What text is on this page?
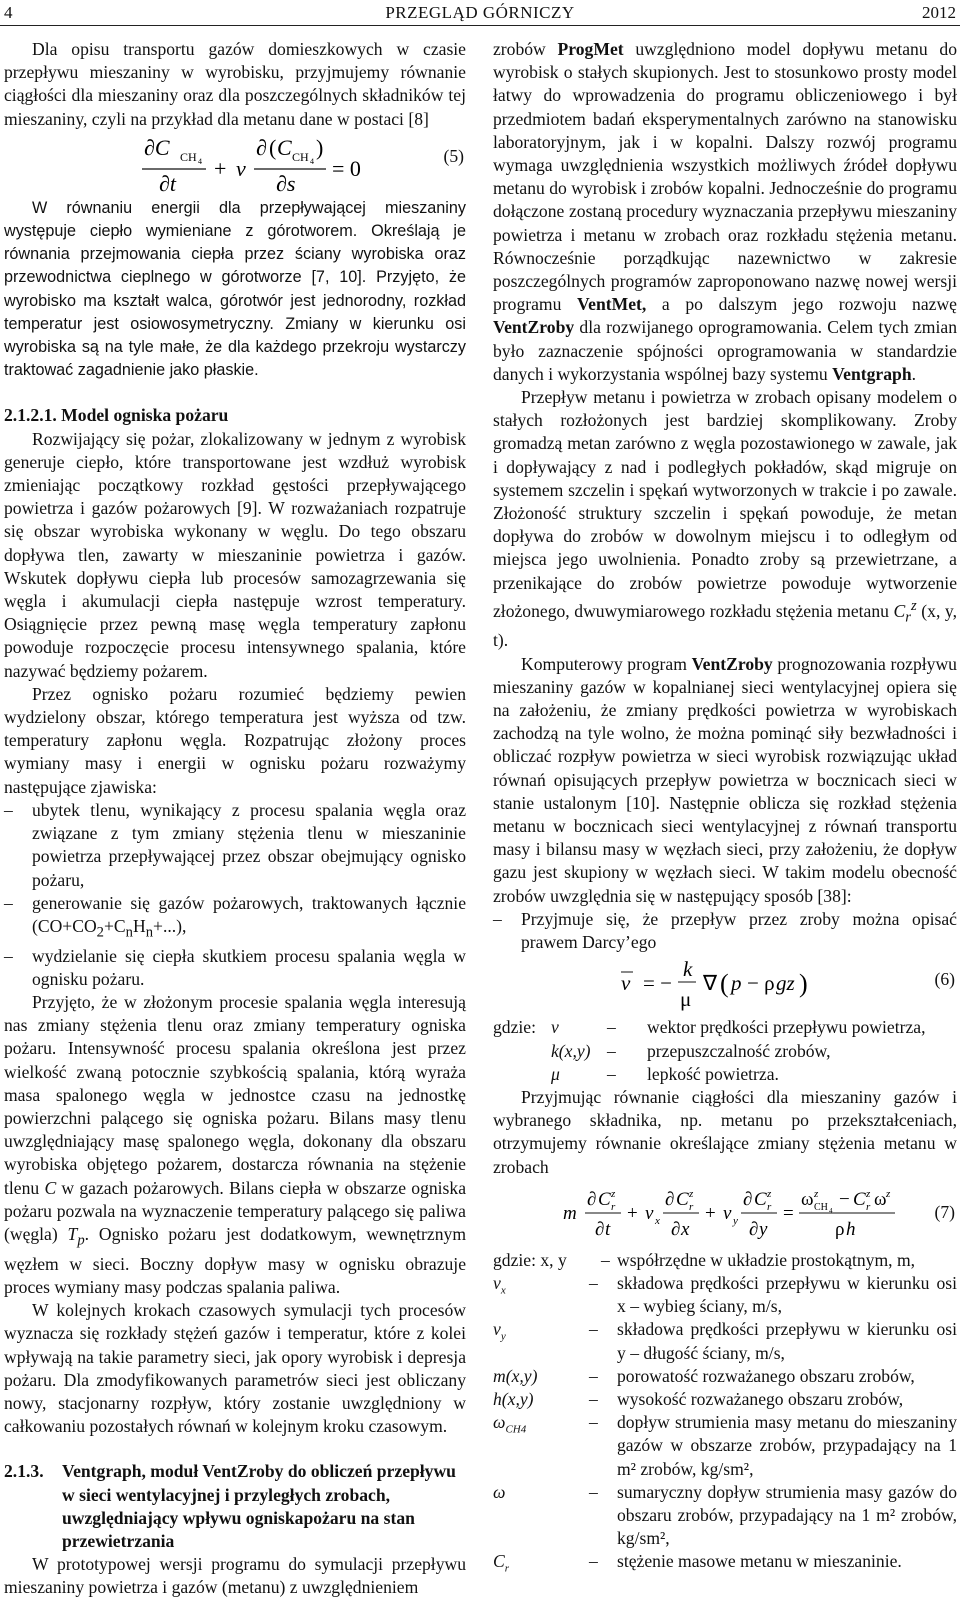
4	PRZEGLĄD GÓRNICZY	2012

Dla opisu transportu gazów domieszkowych w czasie przepływu mieszaniny w wyrobisku, przyjmujemy równanie ciągłości dla mieszaniny oraz dla poszczególnych składników tej mieszaniny, czyli na przykład dla metanu dane w postaci [8]

∂C CH 4
∂t
+ v
∂ ( C CH 4
)
∂s
= 0	(5)

W równaniu energii dla przepływającej mieszaniny występuje ciepło wymieniane z górotworem. Określają je równania przejmowania ciepła przez ściany wyrobiska oraz przewodnictwa cieplnego w górotworze [7, 10]. Przyjęto, że wyrobisko ma kształt walca, górotwór jest jednorodny, rozkład temperatur jest osiowosymetryczny. Zmiany w kierunku osi wyrobiska są na tyle małe, że dla każdego przekroju wystarczy traktować zagadnienie jako płaskie.

2.1.2.1. Model ogniska pożaru

Rozwijający się pożar, zlokalizowany w jednym z wyrobisk generuje ciepło, które transportowane jest wzdłuż wyrobisk zmieniając początkowy rozkład gęstości przepływającego powietrza i gazów pożarowych [9]. W rozważaniach rozpatruje się obszar wyrobiska wykonany w węglu. Do tego obszaru dopływa tlen, zawarty w mieszaninie powietrza i gazów. Wskutek dopływu ciepła lub procesów samozagrzewania się węgla i akumulacji ciepła następuje wzrost temperatury. Osiągnięcie przez pewną masę węgla temperatury zapłonu powoduje rozpoczęcie procesu intensywnego spalania, które nazywać będziemy pożarem.

Przez ognisko pożaru rozumieć będziemy pewien wydzielony obszar, którego temperatura jest wyższa od tzw. temperatury zapłonu węgla. Rozpatrując złożony proces wymiany masy i energii w ognisku pożaru rozważymy następujące zjawiska:

– ubytek tlenu, wynikający z procesu spalania węgla oraz związane z tym zmiany stężenia tlenu w mieszaninie powietrza przepływającej przez obszar obejmujący ognisko pożaru,
– generowanie się gazów pożarowych, traktowanych łącznie $(CO+CO_2+C_nH_n+...)$,
– wydzielanie się ciepła skutkiem procesu spalania węgla w ognisku pożaru.

Przyjęto, że w złożonym procesie spalania węgla interesują nas zmiany stężenia tlenu oraz zmiany temperatury ogniska pożaru. Intensywność procesu spalania określona jest przez wielkość zwaną potocznie szybkością spalania, którą wyraża masa spalonego węgla w jednostce czasu na jednostkę powierzchni palącego się ogniska pożaru. Bilans masy tlenu uwzględniający masę spalonego węgla, dokonany dla obszaru wyrobiska objętego pożarem, dostarcza równania na stężenie tlenu C w gazach pożarowych. Bilans ciepła w obszarze ogniska pożaru pozwala na wyznaczenie temperatury palącego się paliwa (węgla) $T_p$. Ognisko pożaru jest dodatkowym, wewnętrznym węzłem w sieci. Boczny dopływ masy w ognisku obrazuje proces wymiany masy podczas spalania paliwa.

W kolejnych krokach czasowych symulacji tych procesów wyznacza się rozkłady stężeń gazów i temperatur, które z kolei wpływają na takie parametry sieci, jak opory wyrobisk i depresja pożaru. Dla zmodyfikowanych parametrów sieci jest obliczany nowy, stacjonarny rozpływ, który zostanie uwzględniony w całkowaniu pozostałych równań w kolejnym kroku czasowym.

2.1.3.	Ventgraph, moduł VentZroby do obliczeń przepływu w sieci wentylacyjnej i przyległych zrobach, uwzględniający wpływu ogniskapożaru na stan przewietrzania

W prototypowej wersji programu do symulacji przepływu mieszaniny powietrza i gazów (metanu) z uwzględnieniem

zrobów ProgMet uwzględniono model dopływu metanu do wyrobisk o stałych skupionych. Jest to stosunkowo prosty model łatwy do wprowadzenia do programu obliczeniowego i był przedmiotem badań eksperymentalnych zarówno na stanowisku laboratoryjnym, jak i w kopalni. Dalszy rozwój programu wymaga uwzględnienia wszystkich możliwych źródeł dopływu metanu do wyrobisk i zrobów kopalni. Jednocześnie do programu dołączone zostaną procedury wyznaczania przepływu mieszaniny powietrza i metanu w zrobach oraz rozkładu stężenia metanu. Równocześnie porządkując nazewnictwo w zakresie poszczególnych programów zaproponowano nazwę nowej wersji programu VentMet, a po dalszym jego rozwoju nazwę VentZroby dla rozwijanego oprogramowania. Celem tych zmian było zaznaczenie spójności oprogramowania w standardzie danych i wykorzystania wspólnej bazy systemu Ventgraph.

Przepływ metanu i powietrza w zrobach opisany modelem o stałych rozłożonych jest bardziej skomplikowany. Zroby gromadzą metan zarówno z węgla pozostawionego w zawale, jak i dopływający z nad i podległych pokładów, skąd migruje on systemem szczelin i spękań wytworzonych w trakcie i po zawale. Złożoność struktury szczelin i spękań powoduje, że metan dopływa do zrobów w dowolnym miejscu i to odległym od miejsca jego uwolnienia. Ponadto zroby są przewietrzane, a przenikające do zrobów powietrze powoduje wytworzenie złożonego, dwuwymiarowego rozkładu stężenia metanu $C_r^z$ (x, y, t).

Komputerowy program VentZroby prognozowania rozpływu mieszaniny gazów w kopalnianej sieci wentylacyjnej opiera się na założeniu, że zmiany prędkości powietrza w wyrobiskach zachodzą na tyle wolno, że można pominąć siły bezwładności i obliczać rozpływ powietrza w sieci wyrobisk rozwiązując układ równań opisujących przepływ powietrza w bocznicach sieci w stanie ustalonym [10]. Następnie oblicza się rozkład stężenia metanu w bocznicach sieci wentylacyjnej z równań transportu masy i bilansu masy w węzłach sieci, przy założeniu, że dopływ gazu jest skupiony w węzłach sieci. W takim modelu obecność zrobów uwzględnia się w następujący sposób [38]:

– Przyjmuje się, że przepływ przez zroby można opisać prawem Darcy’ego
v = −
k
μ
∇ ( p − ρ gz )	(6)
gdzie: v	–	wektor prędkości przepływu powietrza,
k(x,y) –	przepuszczalność zrobów,
μ	–	lepkość powietrza.

Przyjmując równanie ciągłości dla mieszaniny gazów i wybranego składnika, np. metanu po przekształceniach, otrzymujemy równanie określające zmiany stężenia metanu w zrobach

m
∂ C z
r
∂ t
+ v x
∂ C z
r
∂ x
+ v y
∂ C z
r
∂ y
=
ω z
CH 4
− C z
r ω z
ρ h
(7)
gdzie: x, y	– współrzędne w układzie prostokątnym, m,
$v_x$	–	składowa prędkości przepływu w kierunku osi x – wybieg ściany, m/s,
$v_y$	–	składowa prędkości przepływu w kierunku osi y – długość ściany, m/s,
m(x,y)	–	porowatość rozważanego obszaru zrobów,
h(x,y)	–	wysokość rozważanego obszaru zrobów,
$\omega_{CH4}$	–	dopływ strumienia masy metanu do mieszaniny gazów w obszarze zrobów, przypadający na 1 m² zrobów, kg/sm²,
ω	–	sumaryczny dopływ strumienia masy gazów do obszaru zrobów, przypadający na 1 m² zrobów, kg/sm²,
$C_r$	–	stężenie masowe metanu w mieszaninie.
